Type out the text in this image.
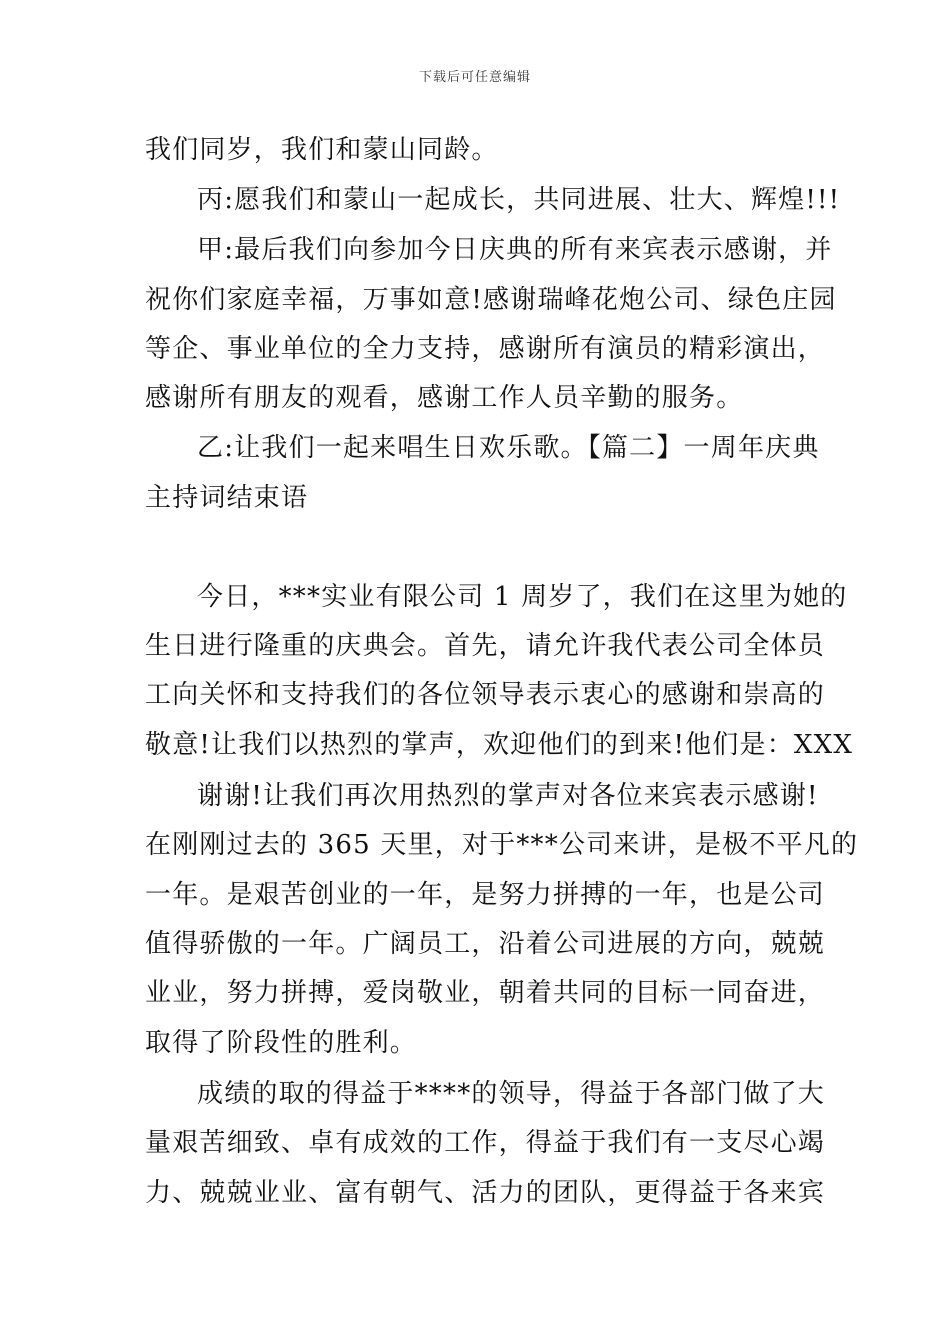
下载后可任意编辑
我们同岁，我们和蒙山同龄。
丙:愿我们和蒙山一起成长，共同进展、壮大、辉煌!!!
甲:最后我们向参加今日庆典的所有来宾表示感谢，并
祝你们家庭幸福，万事如意!感谢瑞峰花炮公司、绿色庄园
等企、事业单位的全力支持，感谢所有演员的精彩演出，
感谢所有朋友的观看，感谢工作人员辛勤的服务。
乙:让我们一起来唱生日欢乐歌。【篇二】一周年庆典
主持词结束语
今日，***实业有限公司 1 周岁了，我们在这里为她的
生日进行隆重的庆典会。首先，请允许我代表公司全体员
工向关怀和支持我们的各位领导表示衷心的感谢和崇高的
敬意!让我们以热烈的掌声，欢迎他们的到来!他们是：XXX
谢谢!让我们再次用热烈的掌声对各位来宾表示感谢!
在刚刚过去的 365 天里，对于***公司来讲，是极不平凡的
一年。是艰苦创业的一年，是努力拼搏的一年，也是公司
值得骄傲的一年。广阔员工，沿着公司进展的方向，兢兢
业业，努力拼搏，爱岗敬业，朝着共同的目标一同奋进，
取得了阶段性的胜利。
成绩的取的得益于****的领导，得益于各部门做了大
量艰苦细致、卓有成效的工作，得益于我们有一支尽心竭
力、兢兢业业、富有朝气、活力的团队，更得益于各来宾
